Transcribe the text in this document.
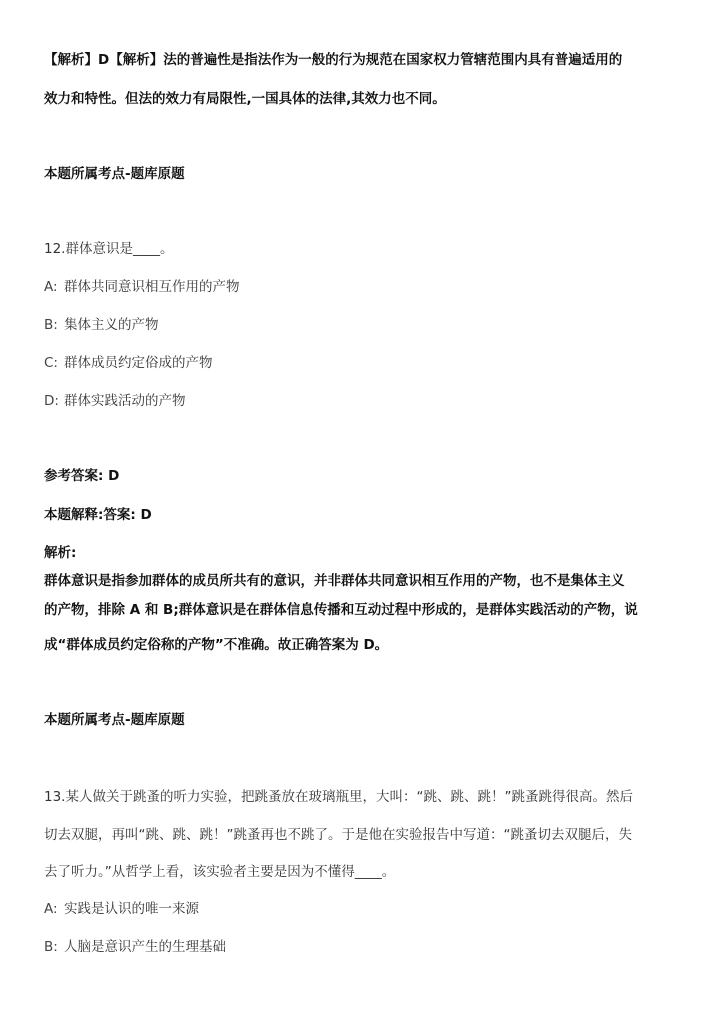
【解析】D【解析】法的普遍性是指法作为一般的行为规范在国家权力管辖范围内具有普遍适用的
效力和特性。但法的效力有局限性,一国具体的法律,其效力也不同。
本题所属考点-题库原题
12.群体意识是____。
A: 群体共同意识相互作用的产物
B: 集体主义的产物
C: 群体成员约定俗成的产物
D: 群体实践活动的产物
参考答案: D
本题解释:答案: D
解析:
群体意识是指参加群体的成员所共有的意识，并非群体共同意识相互作用的产物，也不是集体主义
的产物，排除 A 和 B;群体意识是在群体信息传播和互动过程中形成的，是群体实践活动的产物，说
成“群体成员约定俗称的产物”不准确。故正确答案为 D。
本题所属考点-题库原题
13.某人做关于跳蚤的听力实验，把跳蚤放在玻璃瓶里，大叫：“跳、跳、跳！”跳蚤跳得很高。然后
切去双腿，再叫“跳、跳、跳！”跳蚤再也不跳了。于是他在实验报告中写道：“跳蚤切去双腿后，失
去了听力。”从哲学上看，该实验者主要是因为不懂得____。
A: 实践是认识的唯一来源
B: 人脑是意识产生的生理基础
